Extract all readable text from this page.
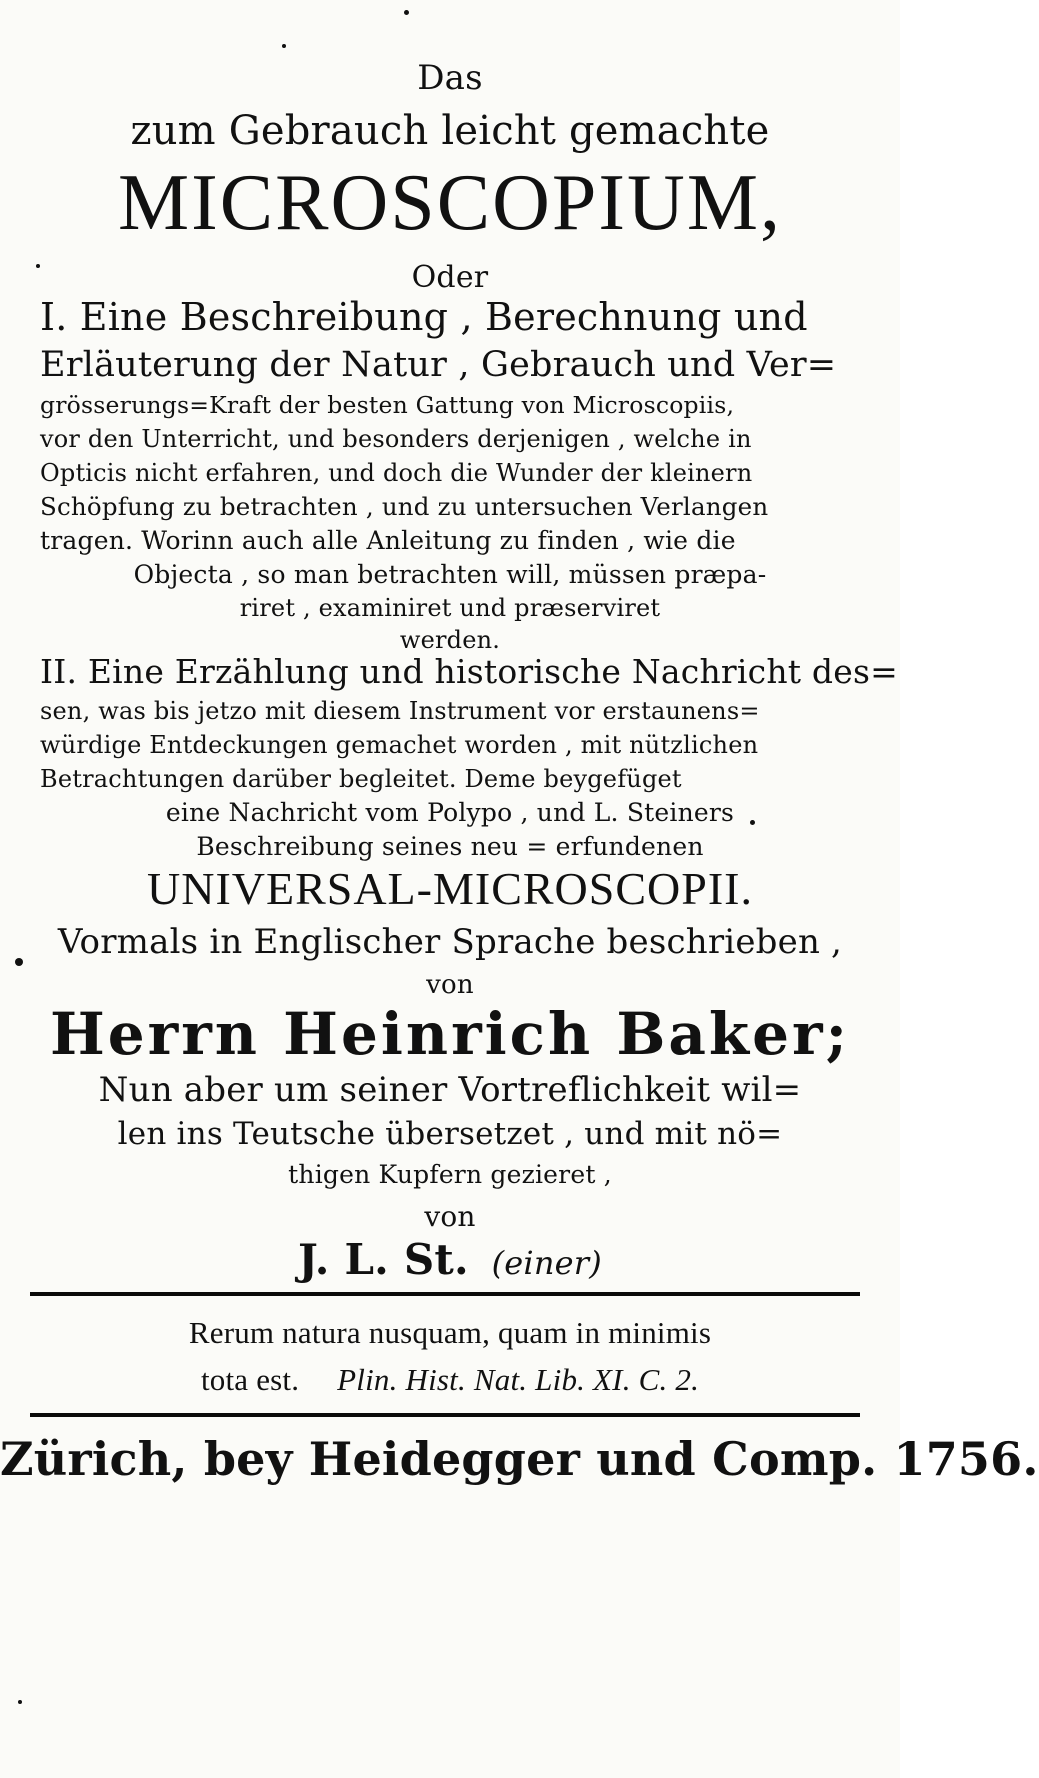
Das
zum Gebrauch leicht gemachte
MICROSCOPIUM,
Oder
I. Eine Beschreibung , Berechnung und
Erläuterung der Natur , Gebrauch und Ver=
grösserungs=Kraft der besten Gattung von Microscopiis,
vor den Unterricht, und besonders derjenigen , welche in
Opticis nicht erfahren, und doch die Wunder der kleinern
Schöpfung zu betrachten , und zu untersuchen Verlangen
tragen. Worinn auch alle Anleitung zu finden , wie die
Objecta , so man betrachten will, müssen præpa-
riret , examiniret und præserviret
werden.
II. Eine Erzählung und historische Nachricht des=
sen, was bis jetzo mit diesem Instrument vor erstaunens=
würdige Entdeckungen gemachet worden , mit nützlichen
Betrachtungen darüber begleitet. Deme beygefüget
eine Nachricht vom Polypo , und L. Steiners
Beschreibung seines neu = erfundenen
UNIVERSAL-MICROSCOPII.
Vormals in Englischer Sprache beschrieben ,
von
Herrn Heinrich Baker;
Nun aber um seiner Vortreflichkeit wil=
len ins Teutsche übersetzet , und mit nö=
thigen Kupfern gezieret ,
von
J. L. St. (einer)
Rerum natura nusquam, quam in minimis
tota est. Plin. Hist. Nat. Lib. XI. C. 2.
Zürich, bey Heidegger und Comp. 1756.
